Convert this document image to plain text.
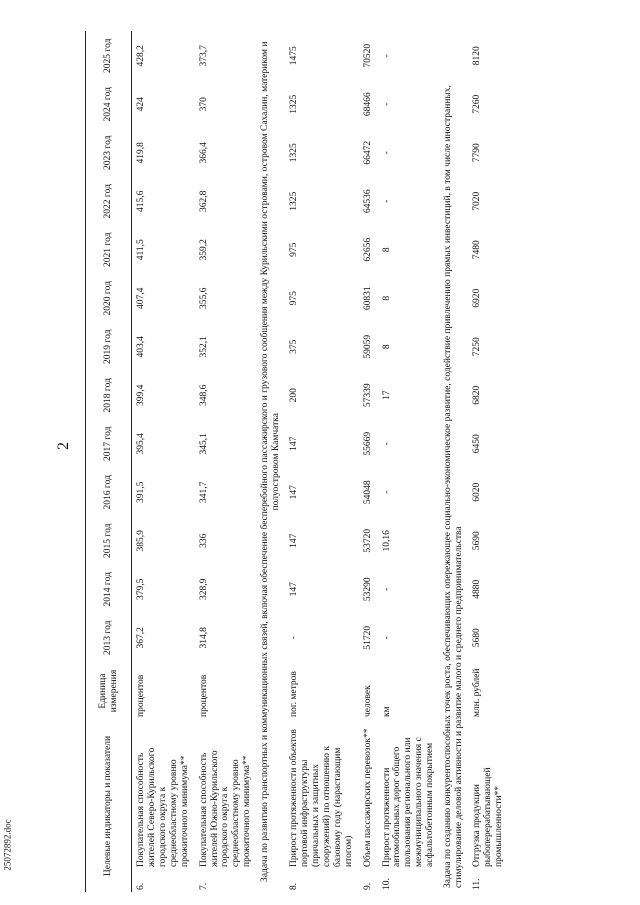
2
25072892.doc	Целевые индикаторы и показатели		Единица измерения	2013 год	2014 год	2015 год	2016 год	2017 год	2018 год	2019 год	2020 год	2021 год	2022 год	2023 год	2024 год	2025 год
6.	Покупательная способность жителей Северо-Курильского городского округа к среднеобластному уровню прожиточного минимума**	процентов	367,2	379,5	385,9	391,5	395,4	399,4	403,4	407,4	411,5	415,6	419,8	424	428,2
7.	Покупательная способность жителей Южно-Курильского городского округа к среднеобластному уровню прожиточного минимума**	процентов	314,8	328,9	336	341,7	345,1	348,6	352,1	355,6	359,2	362,8	366,4	370	373,7
Задача по развитию транспортных и коммуникационных связей, включая обеспечение бесперебойного пассажирского и грузового сообщения между Курильскими островами, островом Сахалин, материком и полуостровом Камчатка															
8.	Прирост протяженности объектов портовой инфраструктуры (причальных и защитных сооружений) по отношению к базовому году (нарастающим итогом)	пог. метров	-	147	147	147	147	200	375	975	975	1325	1325	1325	1475
9.	Объем пассажирских перевозок**	человек	51720	53290	53720	54048	55669	57339	59059	60831	62656	64536	66472	68466	70520
10.	Прирост протяженности автомобильных дорог общего пользования регионального или межмуниципального значения с асфальтобетонным покрытием	км	-	-	10,16	-	-	17	8	8	8	-	-	-	-
Задача по созданию конкурентоспособных точек роста, обеспечивающих опережающее социально-экономическое развитие, содействие привлечению прямых инвестиций, в том числе иностранных, стимулирование деловой активности и развитие малого и среднего предпринимательства															
11.	Отгрузка продукции рыбоперерабатывающей промышленности**	млн. рублей	5680	4880	5690	6020	6450	6820	7250	6920	7480	7020	7790	7260	8120
